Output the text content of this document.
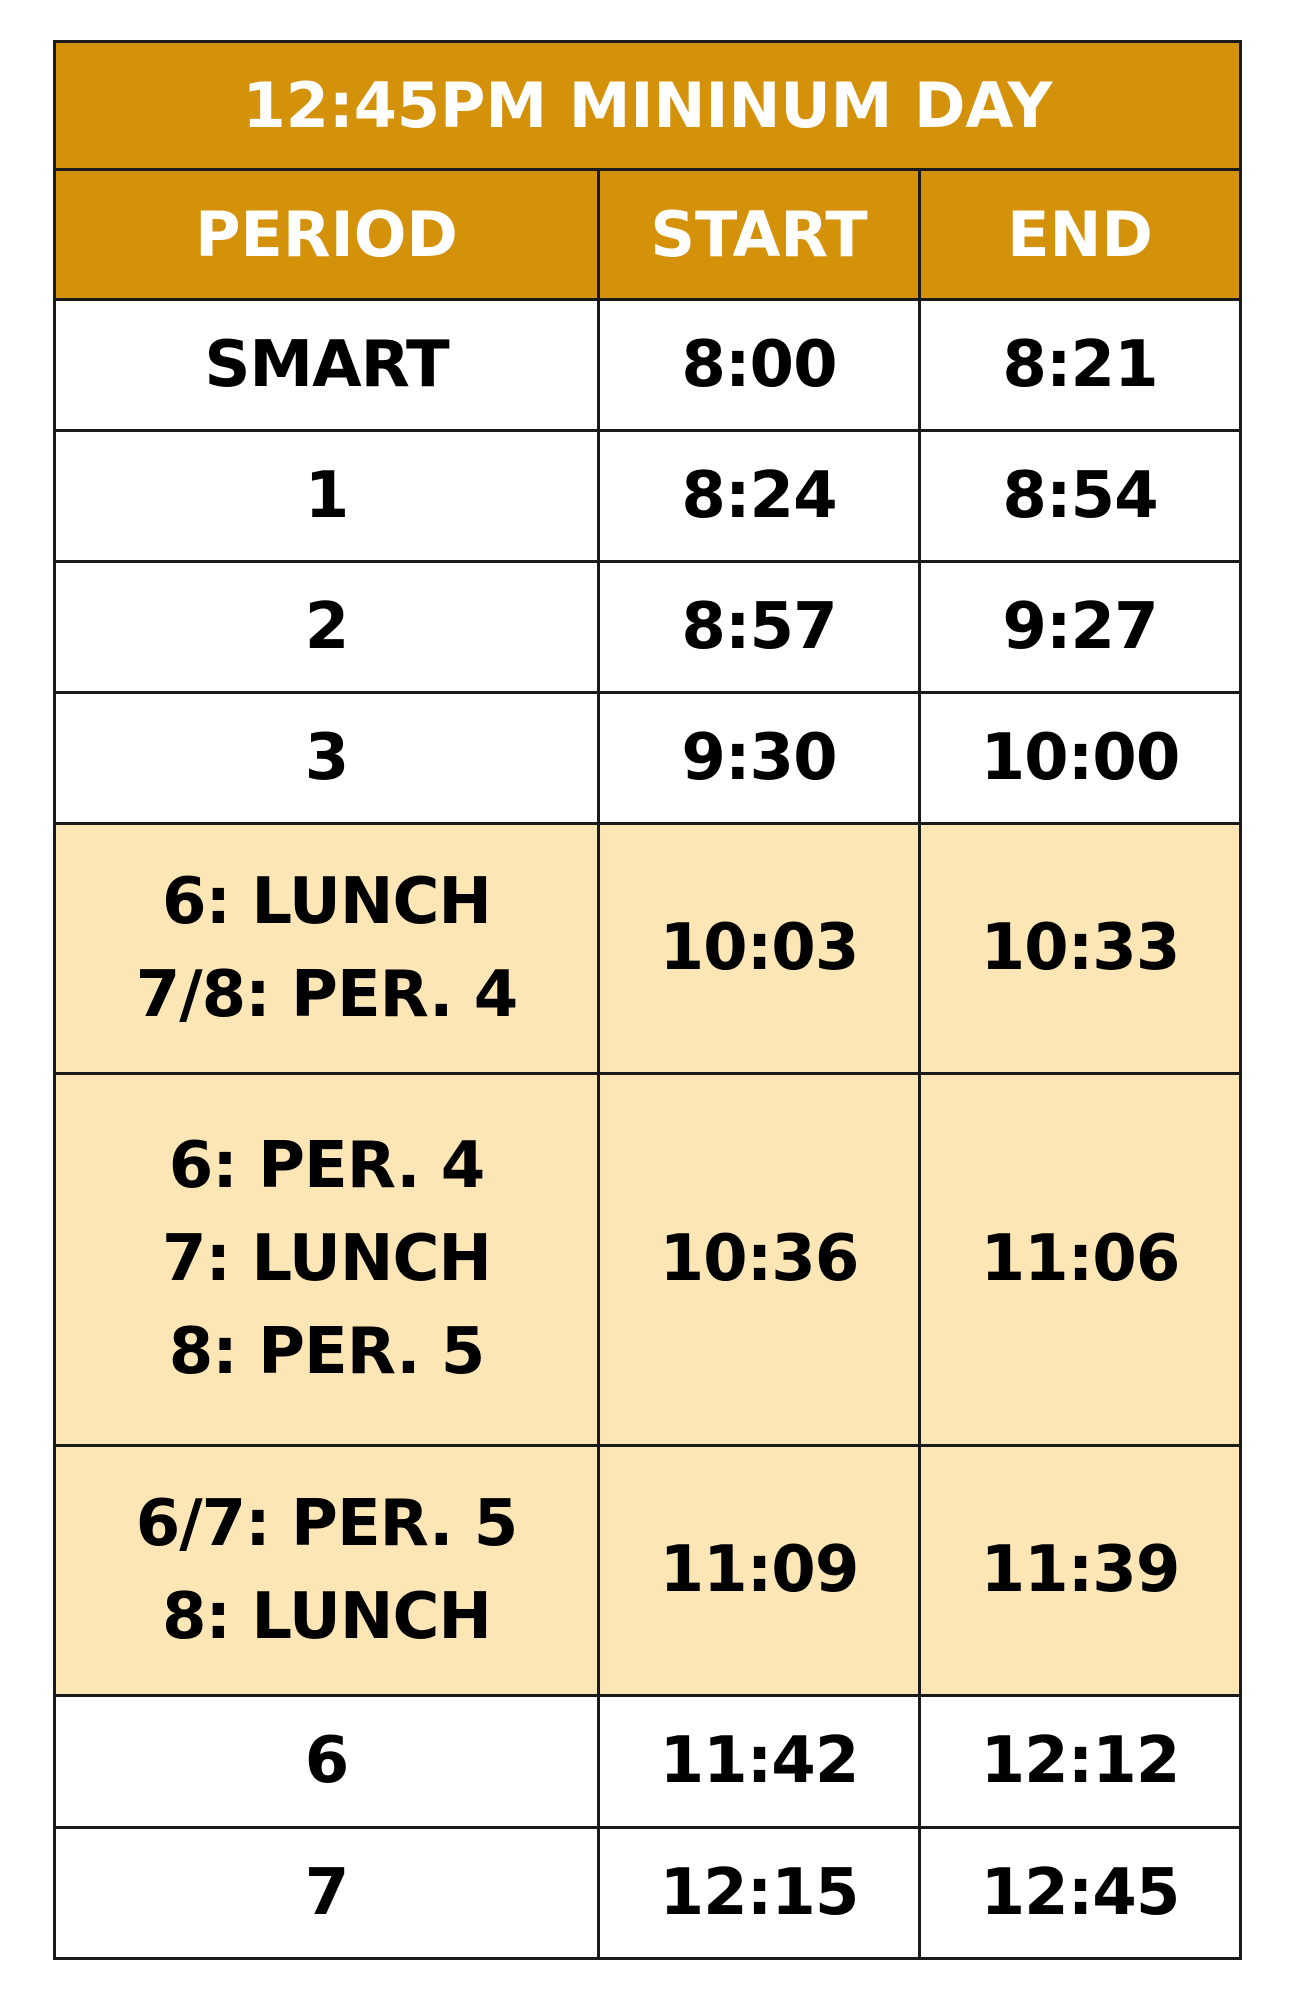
12:45PM MININUM DAY		
PERIOD	START	END

SMART	8:00	8:21

1	8:24	8:54

2	8:57	9:27

3	9:30	10:00

6: LUNCH
7/8: PER. 4	10:03	10:33

6: PER. 4
7: LUNCH
8: PER. 5	10:36	11:06

6/7: PER. 5
8: LUNCH	11:09	11:39

6	11:42	12:12

7	12:15	12:45
